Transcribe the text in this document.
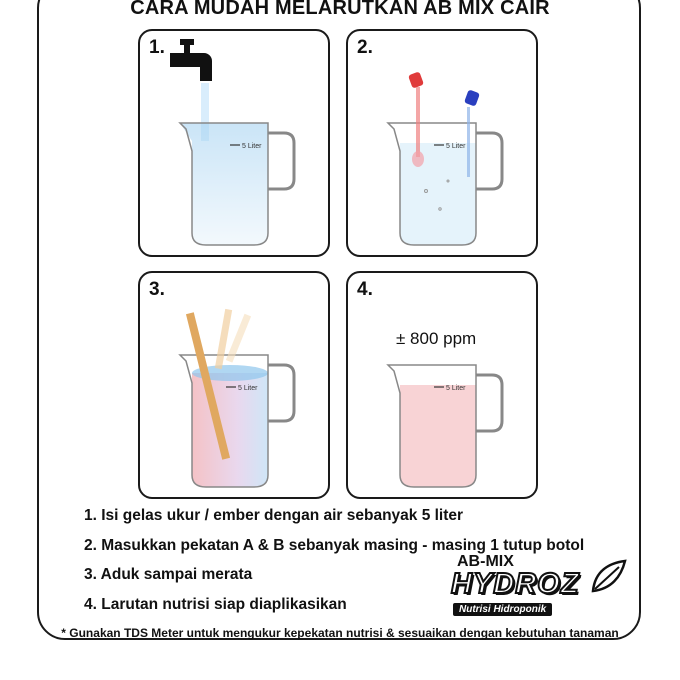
CARA MUDAH MELARUTKAN AB MIX CAIR
5 Liter
1.
5 Liter
2.
5 Liter
3.
5 Liter
4.
± 800 ppm
1. Isi gelas ukur / ember dengan air sebanyak 5 liter
2. Masukkan pekatan A & B sebanyak masing - masing 1 tutup botol
3. Aduk sampai merata
4. Larutan nutrisi siap diaplikasikan
AB-MIX
HYDROZ
Nutrisi Hidroponik
* Gunakan TDS Meter untuk mengukur kepekatan nutrisi & sesuaikan dengan kebutuhan tanaman
